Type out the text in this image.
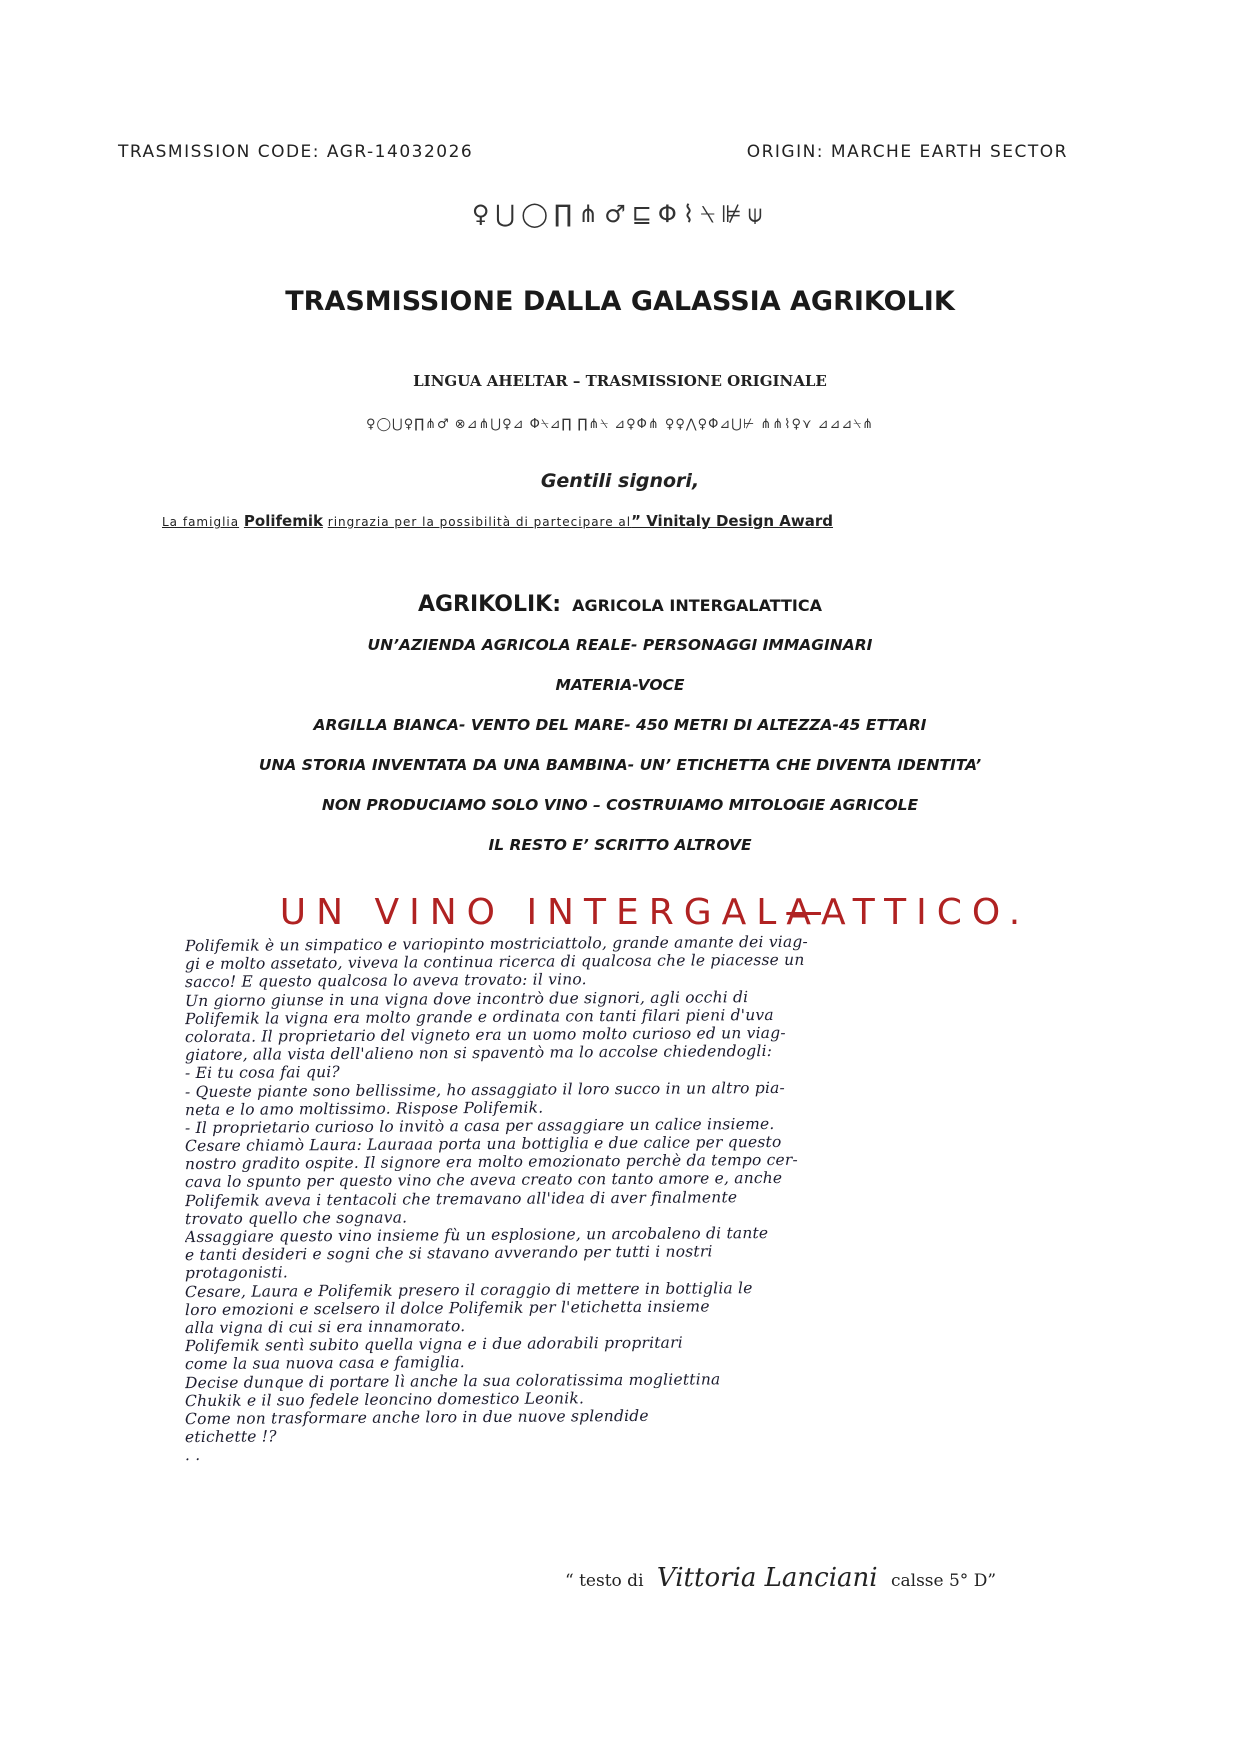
TRASMISSION CODE: AGR-14032026	ORIGIN: MARCHE EARTH SECTOR
♀⋃◯∏⋔♂⊑Φ⌇⍀⊯⍦
TRASMISSIONE DALLA GALASSIA AGRIKOLIK
LINGUA AHELTAR – TRASMISSIONE ORIGINALE
♀◯⋃♀∏⋔♂ ⊗⊿⋔⋃♀⊿ Φ⍀⊿∏ ∏⋔⍀ ⊿♀Φ⋔ ♀♀⋀♀Φ⊿⋃⊬ ⋔⋔⌇♀⋎ ⊿⊿⊿⍀⋔
Gentili signori,
La famiglia Polifemik ringrazia per la possibilità di partecipare al” Vinitaly Design Award
AGRIKOLIK: AGRICOLA INTERGALATTICA
UN’AZIENDA AGRICOLA REALE- PERSONAGGI IMMAGINARI
MATERIA-VOCE
ARGILLA BIANCA- VENTO DEL MARE- 450 METRI DI ALTEZZA-45 ETTARI
UNA STORIA INVENTATA DA UNA BAMBINA- UN’ ETICHETTA CHE DIVENTA IDENTITA’
NON PRODUCIAMO SOLO VINO – COSTRUIAMO MITOLOGIE AGRICOLE
IL RESTO E’ SCRITTO ALTROVE
UN VINO INTERGALAATTICO.
Polifemik è un simpatico e variopinto mostriciattolo, grande amante dei viag-
gi e molto assetato, viveva la continua ricerca di qualcosa che le piacesse un
sacco! E questo qualcosa lo aveva trovato: il vino.
Un giorno giunse in una vigna dove incontrò due signori, agli occhi di
Polifemik la vigna era molto grande e ordinata con tanti filari pieni d'uva
colorata. Il proprietario del vigneto era un uomo molto curioso ed un viag-
giatore, alla vista dell'alieno non si spaventò ma lo accolse chiedendogli:
- Ei tu cosa fai qui?
- Queste piante sono bellissime, ho assaggiato il loro succo in un altro pia-
neta e lo amo moltissimo. Rispose Polifemik.
- Il proprietario curioso lo invitò a casa per assaggiare un calice insieme.
Cesare chiamò Laura: Lauraaa porta una bottiglia e due calice per questo
nostro gradito ospite. Il signore era molto emozionato perchè da tempo cer-
cava lo spunto per questo vino che aveva creato con tanto amore e, anche
Polifemik aveva i tentacoli che tremavano all'idea di aver finalmente
trovato quello che sognava.
Assaggiare questo vino insieme fù un esplosione, un arcobaleno di tante
e tanti desideri e sogni che si stavano avverando per tutti i nostri
protagonisti.
Cesare, Laura e Polifemik presero il coraggio di mettere in bottiglia le
loro emozioni e scelsero il dolce Polifemik per l'etichetta insieme
alla vigna di cui si era innamorato.
Polifemik sentì subito quella vigna e i due adorabili propritari
come la sua nuova casa e famiglia.
Decise dunque di portare lì anche la sua coloratissima mogliettina
Chukik e il suo fedele leoncino domestico Leonik.
Come non trasformare anche loro in due nuove splendide
etichette !?
. .
“ testo di Vittoria Lanciani calsse 5° D”
